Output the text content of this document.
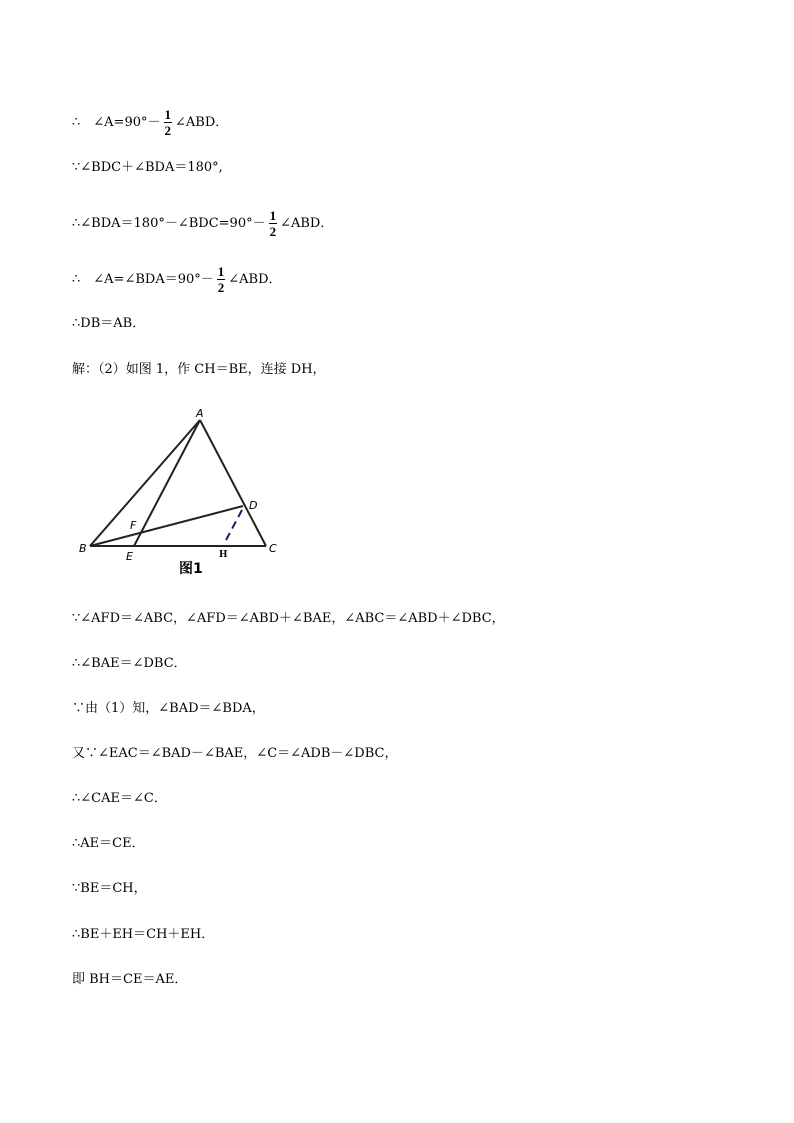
∴　∠A=90°－ $\frac{1}{2}$ ∠ABD．
∵∠BDC＋∠BDA＝180°,
∴∠BDA＝180°－∠BDC=90°－ $\frac{1}{2}$ ∠ABD．
∴　∠A=∠BDA＝90°－ $\frac{1}{2}$ ∠ABD．
∴DB＝AB．
解：（2）如图 1，作 CH＝BE，连接 DH，
A
B	C
D
E
F
H
图1
∵∠AFD＝∠ABC，∠AFD＝∠ABD＋∠BAE，∠ABC＝∠ABD＋∠DBC，
∴∠BAE＝∠DBC．
∵由（1）知，∠BAD＝∠BDA，
又∵∠EAC＝∠BAD－∠BAE，∠C＝∠ADB－∠DBC，
∴∠CAE＝∠C．
∴AE＝CE．
∵BE＝CH，
∴BE＋EH＝CH＋EH．
即 BH＝CE＝AE．
